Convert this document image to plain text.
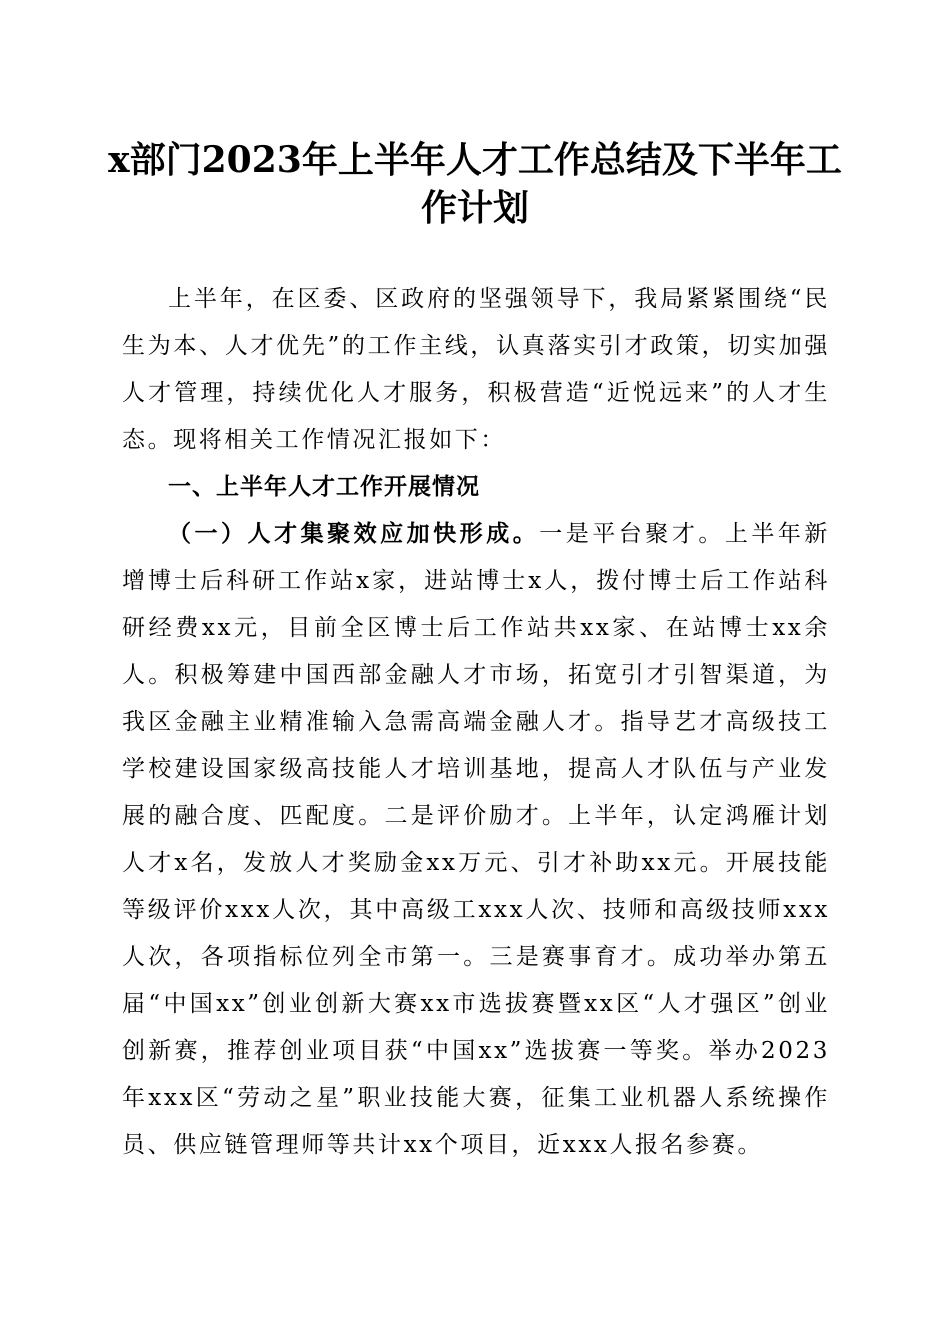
x部门2023年上半年人才工作总结及下半年工作计划

上半年，在区委、区政府的坚强领导下，我局紧紧围绕“民生为本、人才优先”的工作主线，认真落实引才政策，切实加强人才管理，持续优化人才服务，积极营造“近悦远来”的人才生态。现将相关工作情况汇报如下：

一、上半年人才工作开展情况

（一）人才集聚效应加快形成。一是平台聚才。上半年新增博士后科研工作站x家，进站博士x人，拨付博士后工作站科研经费xx元，目前全区博士后工作站共xx家、在站博士xx余人。积极筹建中国西部金融人才市场，拓宽引才引智渠道，为我区金融主业精准输入急需高端金融人才。指导艺才高级技工学校建设国家级高技能人才培训基地，提高人才队伍与产业发展的融合度、匹配度。二是评价励才。上半年，认定鸿雁计划人才x名，发放人才奖励金xx万元、引才补助xx元。开展技能等级评价xxx人次，其中高级工xxx人次、技师和高级技师xxx人次，各项指标位列全市第一。三是赛事育才。成功举办第五届“中国xx”创业创新大赛xx市选拔赛暨xx区“人才强区”创业创新赛，推荐创业项目获“中国xx”选拔赛一等奖。举办2023年xxx区“劳动之星”职业技能大赛，征集工业机器人系统操作员、供应链管理师等共计xx个项目，近xxx人报名参赛。
